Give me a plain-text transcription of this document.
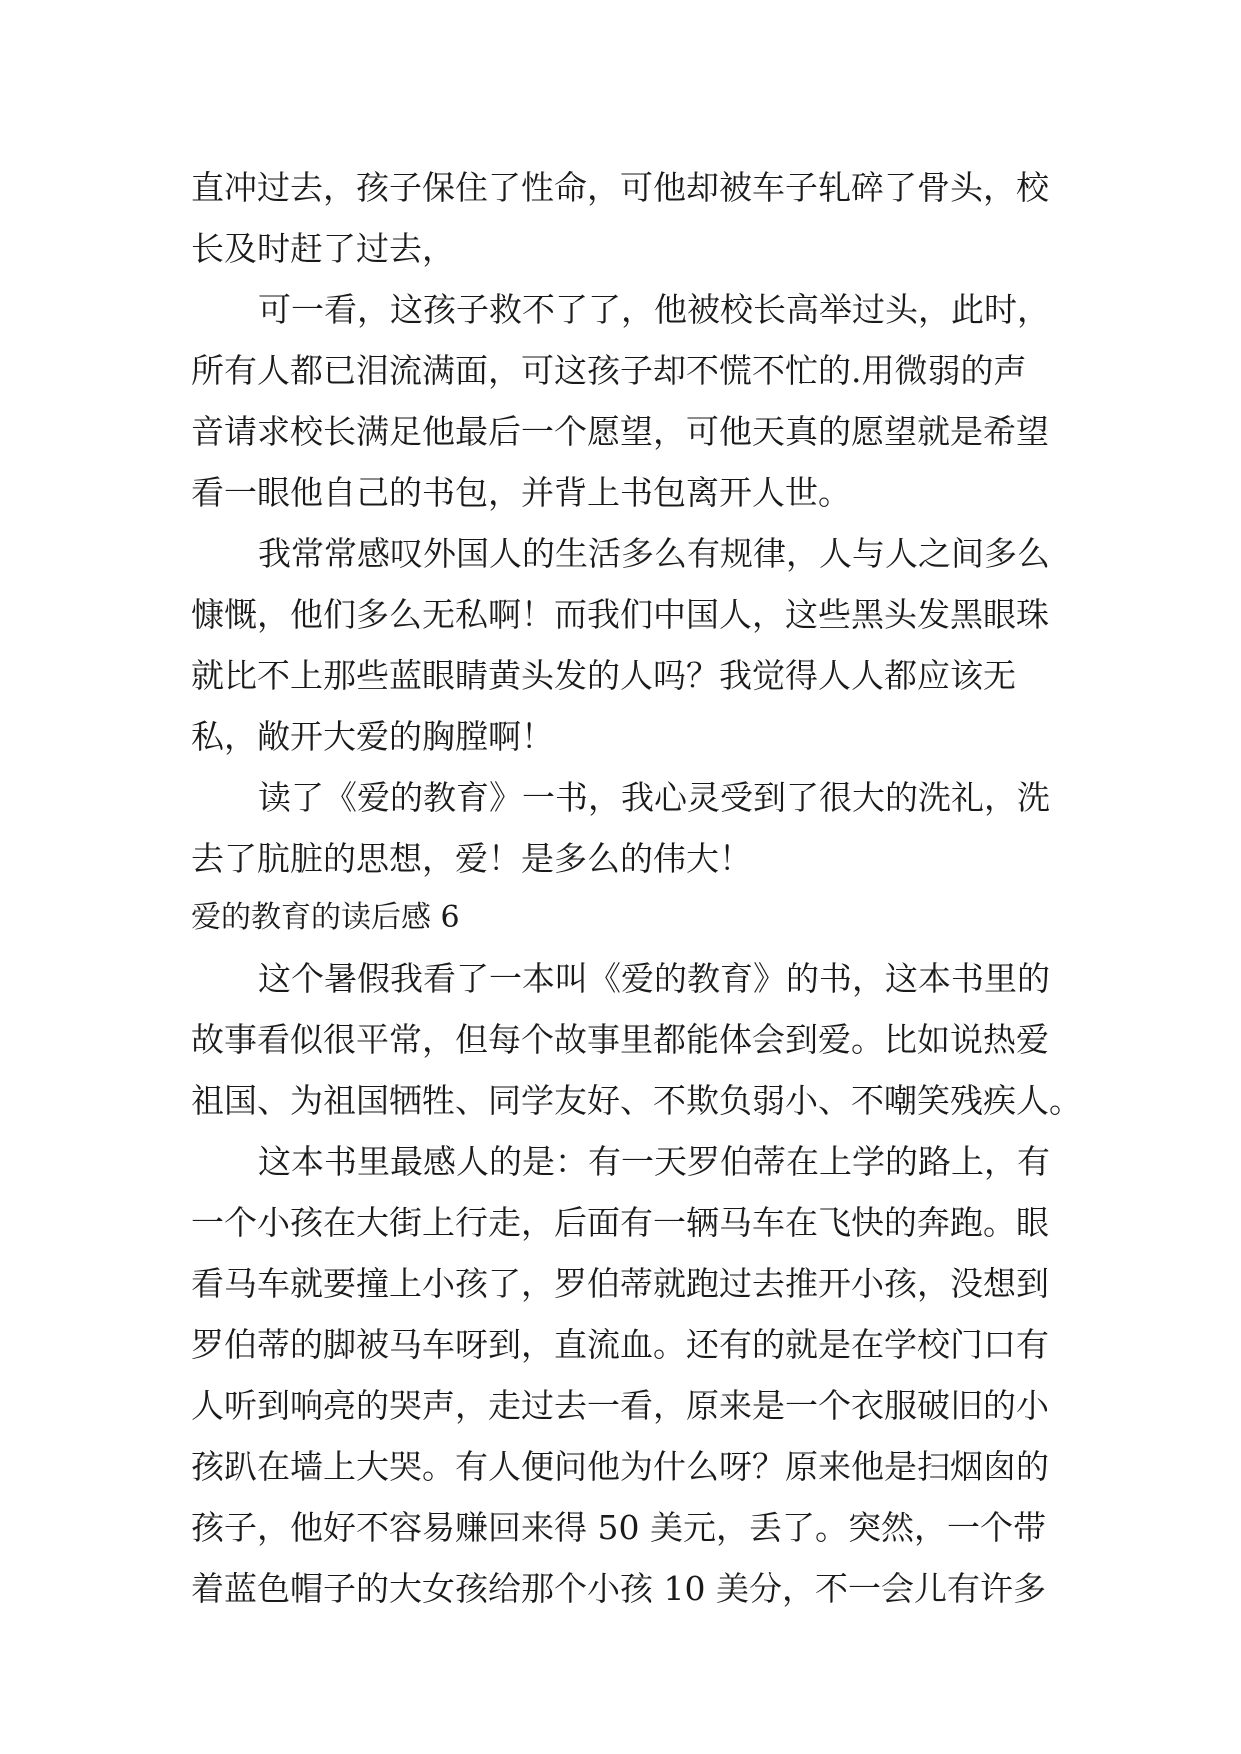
直冲过去，孩子保住了性命，可他却被车子轧碎了骨头，校

长及时赶了过去，

可一看，这孩子救不了了，他被校长高举过头，此时，

所有人都已泪流满面，可这孩子却不慌不忙的.用微弱的声

音请求校长满足他最后一个愿望，可他天真的愿望就是希望

看一眼他自己的书包，并背上书包离开人世。

我常常感叹外国人的生活多么有规律，人与人之间多么

慷慨，他们多么无私啊！而我们中国人，这些黑头发黑眼珠

就比不上那些蓝眼睛黄头发的人吗？我觉得人人都应该无

私，敞开大爱的胸膛啊！

读了《爱的教育》一书，我心灵受到了很大的洗礼，洗

去了肮脏的思想，爱！是多么的伟大！

爱的教育的读后感 6

这个暑假我看了一本叫《爱的教育》的书，这本书里的

故事看似很平常，但每个故事里都能体会到爱。比如说热爱

祖国、为祖国牺牲、同学友好、不欺负弱小、不嘲笑残疾人。

这本书里最感人的是：有一天罗伯蒂在上学的路上，有

一个小孩在大街上行走，后面有一辆马车在飞快的奔跑。眼

看马车就要撞上小孩了，罗伯蒂就跑过去推开小孩，没想到

罗伯蒂的脚被马车呀到，直流血。还有的就是在学校门口有

人听到响亮的哭声，走过去一看，原来是一个衣服破旧的小

孩趴在墙上大哭。有人便问他为什么呀？原来他是扫烟囱的

孩子，他好不容易赚回来得 50 美元，丢了。突然，一个带

着蓝色帽子的大女孩给那个小孩 10 美分，不一会儿有许多
